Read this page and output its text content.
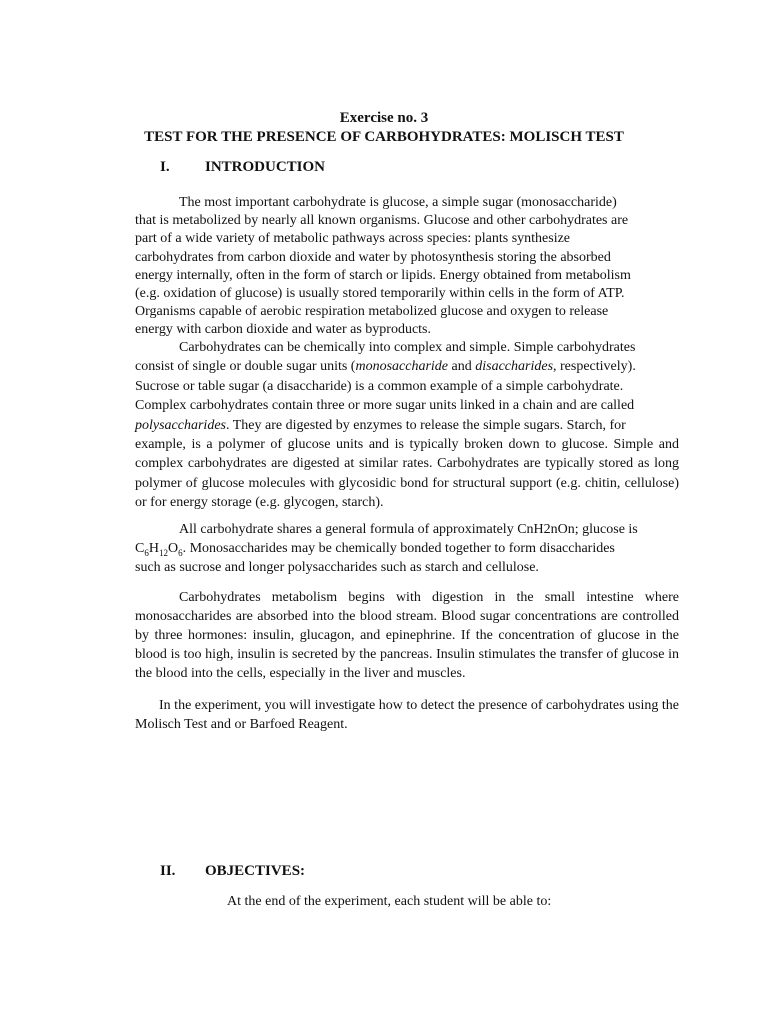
Exercise no. 3
TEST FOR THE PRESENCE OF CARBOHYDRATES: MOLISCH TEST
I. INTRODUCTION
The most important carbohydrate is glucose, a simple sugar (monosaccharide)
that is metabolized by nearly all known organisms. Glucose and other carbohydrates are
part of a wide variety of metabolic pathways across species: plants synthesize
carbohydrates from carbon dioxide and water by photosynthesis storing the absorbed
energy internally, often in the form of starch or lipids. Energy obtained from metabolism
(e.g. oxidation of glucose) is usually stored temporarily within cells in the form of ATP.
Organisms capable of aerobic respiration metabolized glucose and oxygen to release
energy with carbon dioxide and water as byproducts.
Carbohydrates can be chemically into complex and simple. Simple carbohydrates
consist of single or double sugar units (monosaccharide and disaccharides, respectively).
Sucrose or table sugar (a disaccharide) is a common example of a simple carbohydrate.
Complex carbohydrates contain three or more sugar units linked in a chain and are called
polysaccharides. They are digested by enzymes to release the simple sugars. Starch, for
example, is a polymer of glucose units and is typically broken down to glucose. Simple and complex carbohydrates are digested at similar rates. Carbohydrates are typically stored as long polymer of glucose molecules with glycosidic bond for structural support (e.g. chitin, cellulose) or for energy storage (e.g. glycogen, starch).
All carbohydrate shares a general formula of approximately CnH2nOn; glucose is
$C_6H_{12}O_6$. Monosaccharides may be chemically bonded together to form disaccharides
such as sucrose and longer polysaccharides such as starch and cellulose.
Carbohydrates metabolism begins with digestion in the small intestine where monosaccharides are absorbed into the blood stream. Blood sugar concentrations are controlled by three hormones: insulin, glucagon, and epinephrine. If the concentration of glucose in the blood is too high, insulin is secreted by the pancreas. Insulin stimulates the transfer of glucose in the blood into the cells, especially in the liver and muscles.
In the experiment, you will investigate how to detect the presence of carbohydrates using the Molisch Test and or Barfoed Reagent.
II. OBJECTIVES:
At the end of the experiment, each student will be able to:
